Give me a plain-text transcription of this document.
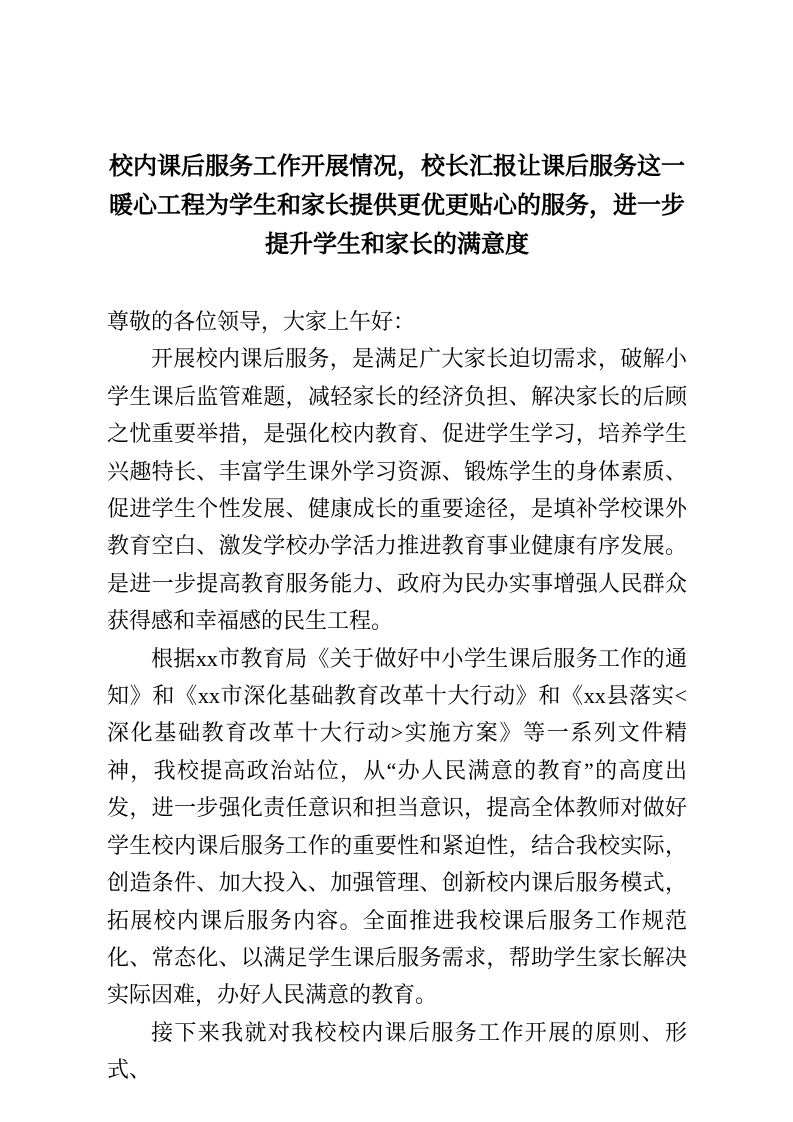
校内课后服务工作开展情况，校长汇报让课后服务这一暖心工程为学生和家长提供更优更贴心的服务，进一步提升学生和家长的满意度

尊敬的各位领导，大家上午好：

开展校内课后服务，是满足广大家长迫切需求，破解小学生课后监管难题，减轻家长的经济负担、解决家长的后顾之忧重要举措，是强化校内教育、促进学生学习，培养学生兴趣特长、丰富学生课外学习资源、锻炼学生的身体素质、促进学生个性发展、健康成长的重要途径，是填补学校课外教育空白、激发学校办学活力推进教育事业健康有序发展。是进一步提高教育服务能力、政府为民办实事增强人民群众获得感和幸福感的民生工程。

根据xx市教育局《关于做好中小学生课后服务工作的通知》和《xx市深化基础教育改革十大行动》和《xx县落实<深化基础教育改革十大行动>实施方案》等一系列文件精神，我校提高政治站位，从“办人民满意的教育”的高度出发，进一步强化责任意识和担当意识，提高全体教师对做好学生校内课后服务工作的重要性和紧迫性，结合我校实际，创造条件、加大投入、加强管理、创新校内课后服务模式，拓展校内课后服务内容。全面推进我校课后服务工作规范化、常态化、以满足学生课后服务需求，帮助学生家长解决实际因难，办好人民满意的教育。

接下来我就对我校校内课后服务工作开展的原则、形式、
